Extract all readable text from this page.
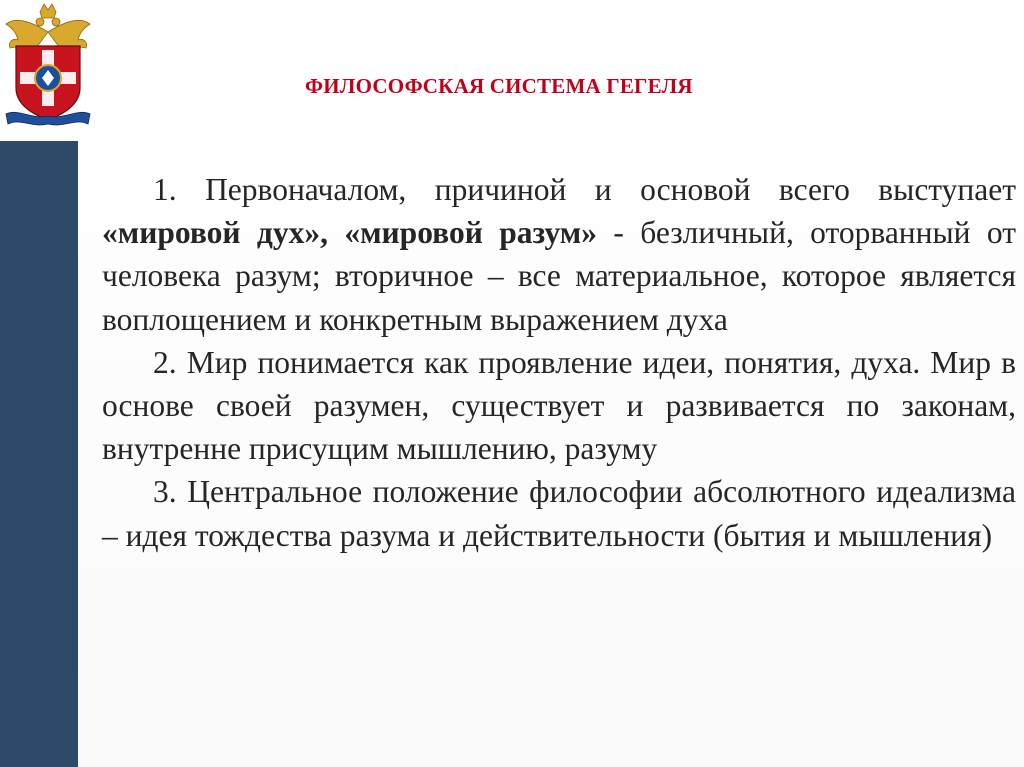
ФИЛОСОФСКАЯ СИСТЕМА ГЕГЕЛЯ

1. Первоначалом, причиной и основой всего выступает «мировой дух», «мировой разум» - безличный, оторванный от человека разум; вторичное – все материальное, которое является воплощением и конкретным выражением духа

2. Мир понимается как проявление идеи, понятия, духа. Мир в основе своей разумен, существует и развивается по законам, внутренне присущим мышлению, разуму

3. Центральное положение философии абсолютного идеализма – идея тождества разума и действительности (бытия и мышления)
